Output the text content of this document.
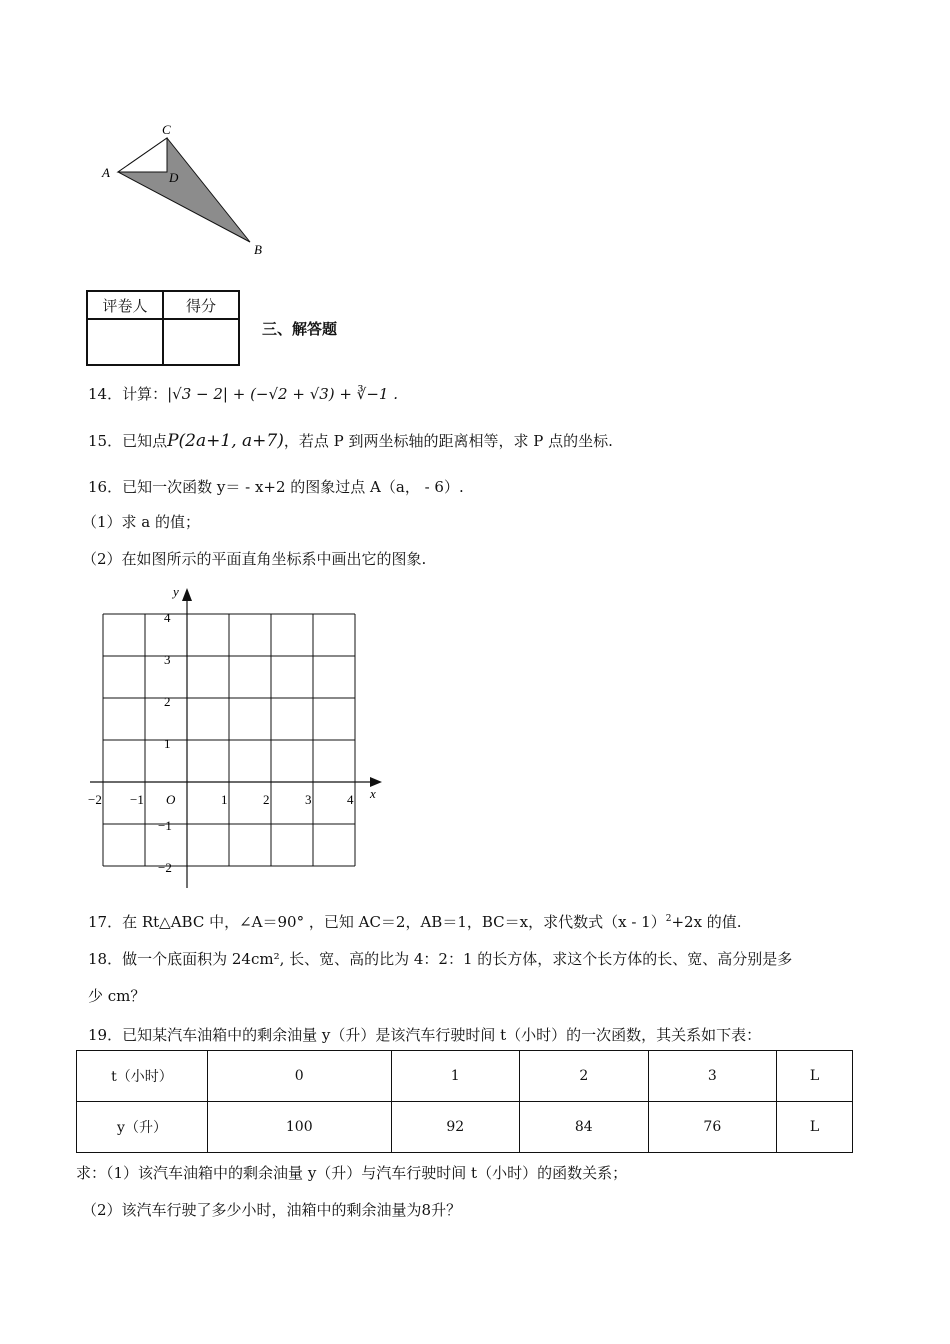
A
C
D
B
评卷人	得分

三、解答题
14．计算：|√3 − 2| + (−√2 + √3) + ∛−1 .
15．已知点P(2a+1, a+7)，若点 P 到两坐标轴的距离相等，求 P 点的坐标.
16．已知一次函数 y＝ - x+2 的图象过点 A（a， - 6）.
（1）求 a 的值；
（2）在如图所示的平面直角坐标系中画出它的图象.
x
y
O
−2 −1	1	2	3	4
4
3
2
1
−1
−2
17．在 Rt△ABC 中，∠A＝90° ，已知 AC＝2，AB＝1，BC＝x，求代数式（x - 1）$^2$+2x 的值.
18．做一个底面积为 24cm², 长、宽、高的比为 4：2：1 的长方体，求这个长方体的长、宽、高分别是多
少 cm？
19．已知某汽车油箱中的剩余油量 y（升）是该汽车行驶时间 t（小时）的一次函数，其关系如下表：
t（小时）	0	1	2	3	L
y（升）	100	92	84	76	L
求：（1）该汽车油箱中的剩余油量 y（升）与汽车行驶时间 t（小时）的函数关系；
（2）该汽车行驶了多少小时，油箱中的剩余油量为8升？
